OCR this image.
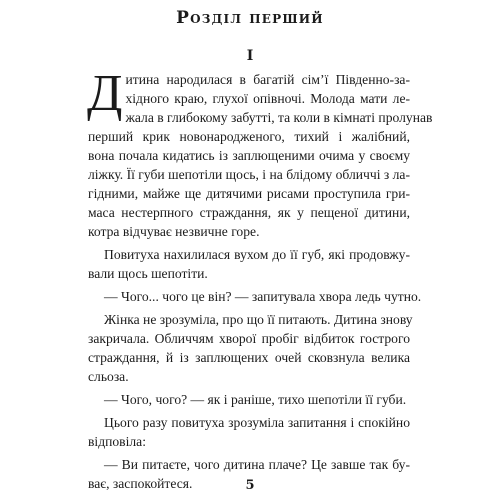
Розділ перший
I
Д итина народилася в багатій сім’ї Південно-за-
хідного краю, глухої опівночі. Молода мати ле-
жала в глибокому забутті, та коли в кімнаті пролунав
перший крик новонародженого, тихий і жалібний,
вона почала кидатись із заплющеними очима у своєму
ліжку. Її губи шепотіли щось, і на блідому обличчі з ла-
гідними, майже ще дитячими рисами проступила гри-
маса нестерпного страждання, як у пещеної дитини,
котра відчуває незвичне горе.
Повитуха нахилилася вухом до її губ, які продовжу-
вали щось шепотіти.
— Чого... чого це він? — запитувала хвора ледь чутно.
Жінка не зрозуміла, про що її питають. Дитина знову
закричала. Обличчям хворої пробіг відбиток гострого
страждання, й із заплющених очей сковзнула велика
сльоза.
— Чого, чого? — як і раніше, тихо шепотіли її губи.
Цього разу повитуха зрозуміла запитання і спокійно
відповіла:
— Ви питаєте, чого дитина плаче? Це завше так бу-
ває, заспокойтеся.	5
